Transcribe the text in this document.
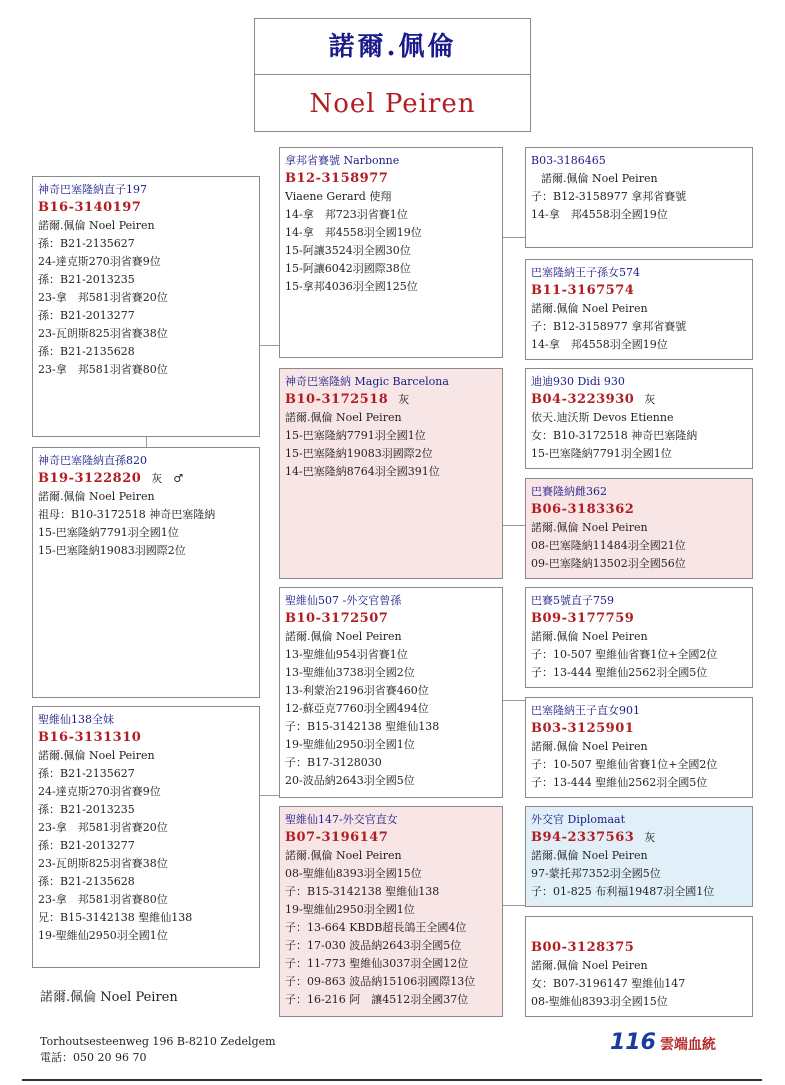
諾爾.佩倫
Noel Peiren
神奇巴塞隆納直子197
B16-3140197
諾爾.佩倫 Noel Peiren
孫：B21-2135627
24-達克斯270羽省賽9位
孫：B21-2013235
23-拿　邦581羽省賽20位
孫：B21-2013277
23-瓦朗斯825羽省賽38位
孫：B21-2135628
23-拿　邦581羽省賽80位
拿邦省賽號 Narbonne
B12-3158977
Viaene Gerard 使翔
14-拿　邦723羽省賽1位
14-拿　邦4558羽全國19位
15-阿讓3524羽全國30位
15-阿讓6042羽國際38位
15-拿邦4036羽全國125位
B03-3186465
諾爾.佩倫 Noel Peiren
子：B12-3158977 拿邦省賽號
14-拿　邦4558羽全國19位
巴塞隆納王子孫女574
B11-3167574
諾爾.佩倫 Noel Peiren
子：B12-3158977 拿邦省賽號
14-拿　邦4558羽全國19位
神奇巴塞隆納 Magic Barcelona
B10-3172518 灰
諾爾.佩倫 Noel Peiren
15-巴塞隆納7791羽全國1位
15-巴塞隆納19083羽國際2位
14-巴塞隆納8764羽全國391位
迪迪930 Didi 930
B04-3223930 灰
依天.迪沃斯 Devos Etienne
女：B10-3172518 神奇巴塞隆納
15-巴塞隆納7791羽全國1位
巴賽隆納雌362
B06-3183362
諾爾.佩倫 Noel Peiren
08-巴塞隆納11484羽全國21位
09-巴塞隆納13502羽全國56位
神奇巴塞隆納直孫820
B19-3122820 灰　♂
諾爾.佩倫 Noel Peiren
祖母：B10-3172518 神奇巴塞隆納
15-巴塞隆納7791羽全國1位
15-巴塞隆納19083羽國際2位
聖維仙507 -外交官曾孫
B10-3172507
諾爾.佩倫 Noel Peiren
13-聖維仙954羽省賽1位
13-聖維仙3738羽全國2位
13-利蒙治2196羽省賽460位
12-蘇亞克7760羽全國494位
子：B15-3142138 聖維仙138
19-聖維仙2950羽全國1位
子：B17-3128030
20-波品納2643羽全國5位
巴賽5號直子759
B09-3177759
諾爾.佩倫 Noel Peiren
子：10-507 聖維仙省賽1位+全國2位
子：13-444 聖維仙2562羽全國5位
巴塞隆納王子直女901
B03-3125901
諾爾.佩倫 Noel Peiren
子：10-507 聖維仙省賽1位+全國2位
子：13-444 聖維仙2562羽全國5位
聖維仙138全妹
B16-3131310
諾爾.佩倫 Noel Peiren
孫：B21-2135627
24-達克斯270羽省賽9位
孫：B21-2013235
23-拿　邦581羽省賽20位
孫：B21-2013277
23-瓦朗斯825羽省賽38位
孫：B21-2135628
23-拿　邦581羽省賽80位
兄：B15-3142138 聖維仙138
19-聖維仙2950羽全國1位
聖維仙147-外交官直女
B07-3196147
諾爾.佩倫 Noel Peiren
08-聖維仙8393羽全國15位
子：B15-3142138 聖維仙138
19-聖維仙2950羽全國1位
子：13-664 KBDB超長鴿王全國4位
子：17-030 波品納2643羽全國5位
子：11-773 聖維仙3037羽全國12位
子：09-863 波品納15106羽國際13位
子：16-216 阿　讓4512羽全國37位
外交官 Diplomaat
B94-2337563 灰
諾爾.佩倫 Noel Peiren
97-蒙托邦7352羽全國5位
子：01-825 布利福19487羽全國1位
B00-3128375
諾爾.佩倫 Noel Peiren
女：B07-3196147 聖維仙147
08-聖維仙8393羽全國15位
諾爾.佩倫 Noel Peiren
Torhoutsesteenweg 196 B-8210 Zedelgem
電話：050 20 96 70
116 雲端血統
